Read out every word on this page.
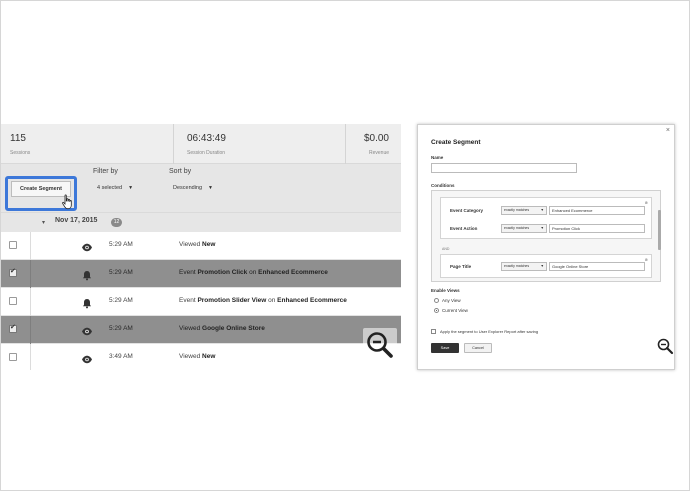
115
Sessions
06:43:49
Session Duration
$0.00
Revenue
Create Segment
Filter by
4 selected ▼
Sort by
Descending ▼
▾ Nov 17, 2015	12
5:29 AM	Viewed New
✔
5:29 AM	Event Promotion Click on Enhanced Ecommerce
5:29 AM	Event Promotion Slider View on Enhanced Ecommerce
✔
5:29 AM	Viewed Google Online Store
3:49 AM	Viewed New
×
Create Segment
Name
Conditions
⊗
Event Category	exactly matches	▼	Enhanced Ecommerce
Event Action	exactly matches	▼	Promotion Click
AND
⊗
Page Title	exactly matches	▼	Google Online Store
Enable Views
Any View
Current View
Apply the segment to User Explorer Report after saving
Save	Cancel
